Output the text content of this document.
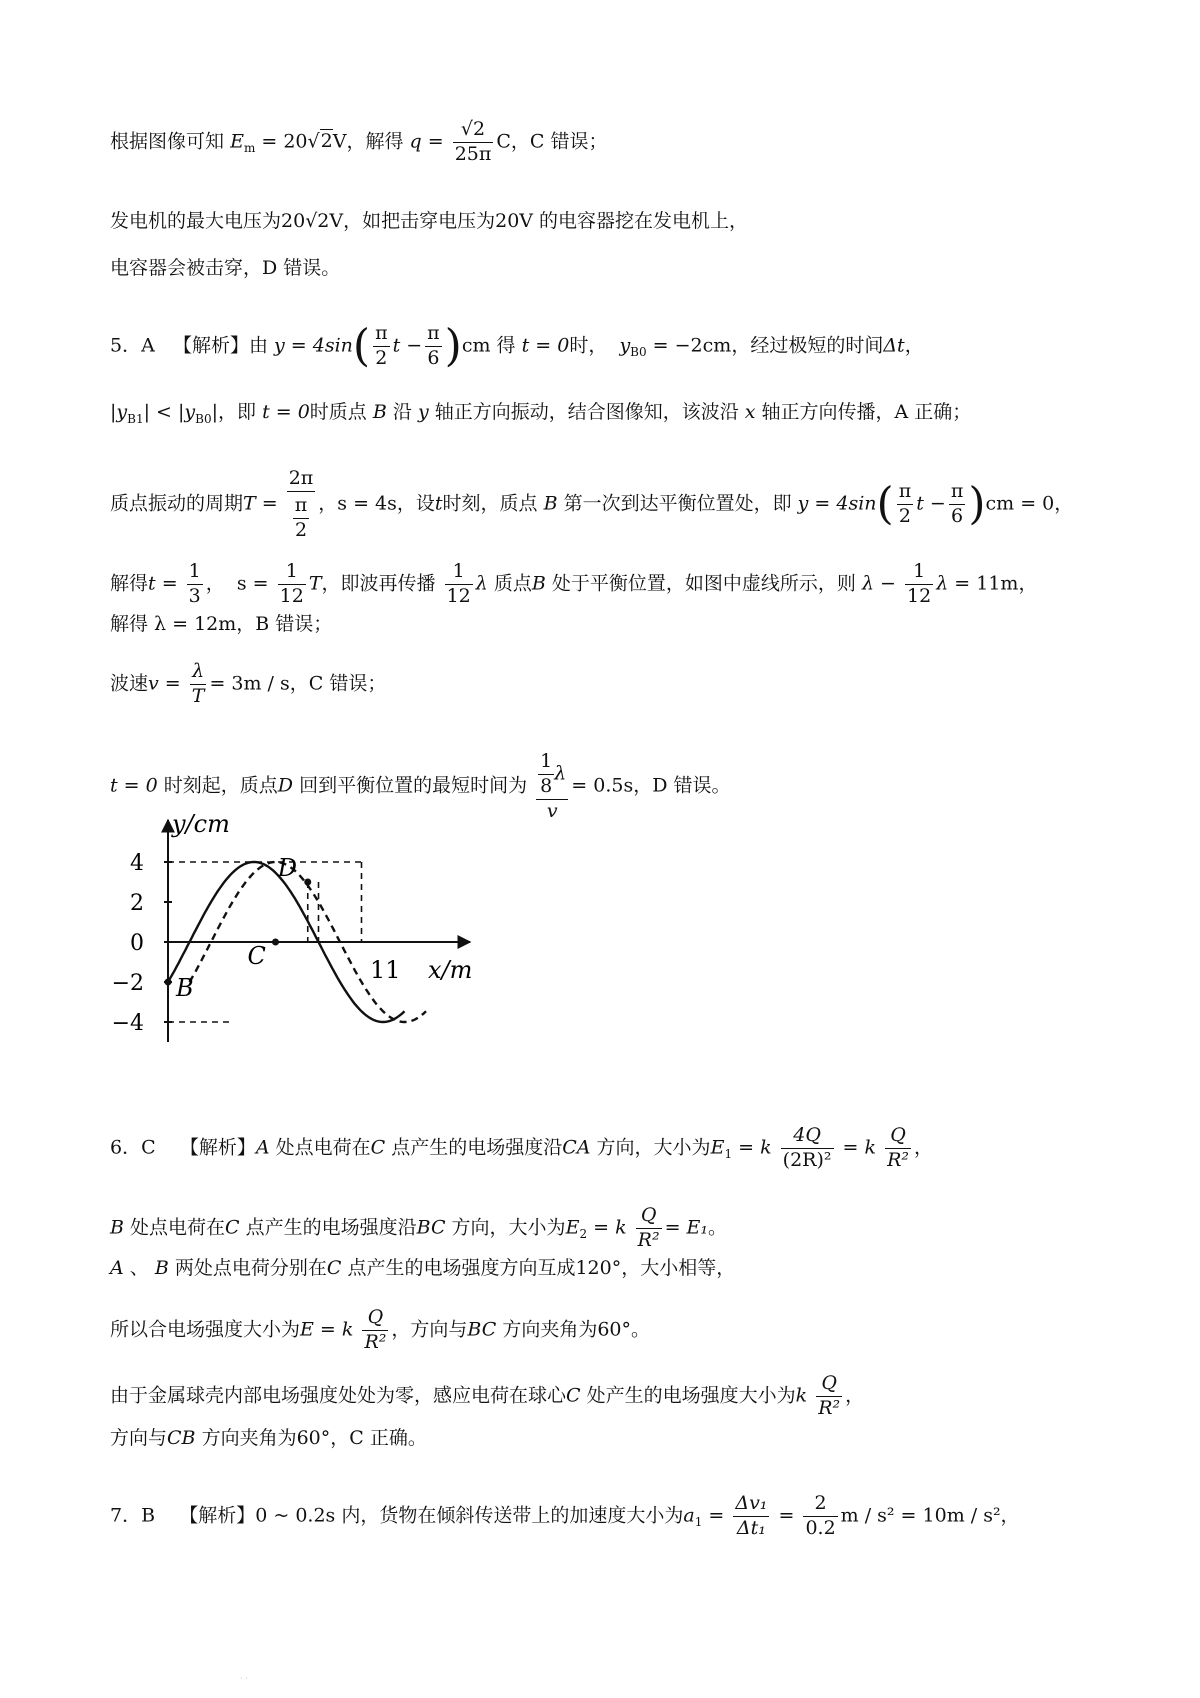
根据图像可知 $E_m = 20√2V$，解得 $q = \frac{√2}{25\pi}$ C，C 错误；
发电机的最大电压为20√2V，如把击穿电压为20V 的电容器挖在发电机上，
电容器会被击穿，D 错误。
5．A 【解析】由 $y = 4\sin( \frac{\pi}{2}$ $t - \frac{\pi}{6} )cm$ 得 t = 0时， $y_{B0} = -2cm$，经过极短的时间Δt，
$|y_{B1}| < |y_{B0}|$，即 t = 0时质点 B 沿 y 轴正方向振动，结合图像知，该波沿 x 轴正方向传播，A 正确；
质点振动的周期$T = \frac{2\pi}{\frac{\pi}{2}}$ ，s = 4s，设t时刻，质点 B 第一次到达平衡位置处，即 $y = 4\sin( \frac{\pi}{2}$ $t - \frac{\pi}{6} )cm = 0$，
解得$t = \frac{1}{3}$ ， $s = \frac{1}{12}$ T，即波再传播 $\frac{1}{12}$ λ 质点B 处于平衡位置，如图中虚线所示，则 $\lambda - \frac{1}{12}$ λ = 11m，
解得 λ = 12m，B 错误；
波速$v = \frac{\lambda}{T} = 3m / s$，C 错误；
t = 0 时刻起，质点D 回到平衡位置的最短时间为 $\frac{\frac{1}{8} \lambda}{v} = 0.5s$，D 错误。
y/cm
x/m
4
2
0
−2
−4
11
B
C
D
6．C 【解析】A 处点电荷在C 点产生的电场强度沿CA 方向，大小为$E_1 = k \frac{4Q}{\text{(2R)²}} = k \frac{Q}{\text{R²}}$ ，
B 处点电荷在C 点产生的电场强度沿BC 方向，大小为$E_2 = k \frac{Q}{\text{R²}} = E_1$。
A 、 B 两处点电荷分别在C 点产生的电场强度方向互成120°，大小相等，
所以合电场强度大小为E = k $\frac{Q}{\text{R²}}$ ，方向与BC 方向夹角为60°。
由于金属球壳内部电场强度处处为零，感应电荷在球心C 处产生的电场强度大小为k $\frac{Q}{\text{R²}}$ ，
方向与CB 方向夹角为60°，C 正确。
7．B 【解析】0 ~ 0.2s 内，货物在倾斜传送带上的加速度大小为$a_1 = \frac{\text{Δv₁}}{\text{Δt₁}} = \frac{2}{0.2}$ m / s² = 10m / s²，
· ·
